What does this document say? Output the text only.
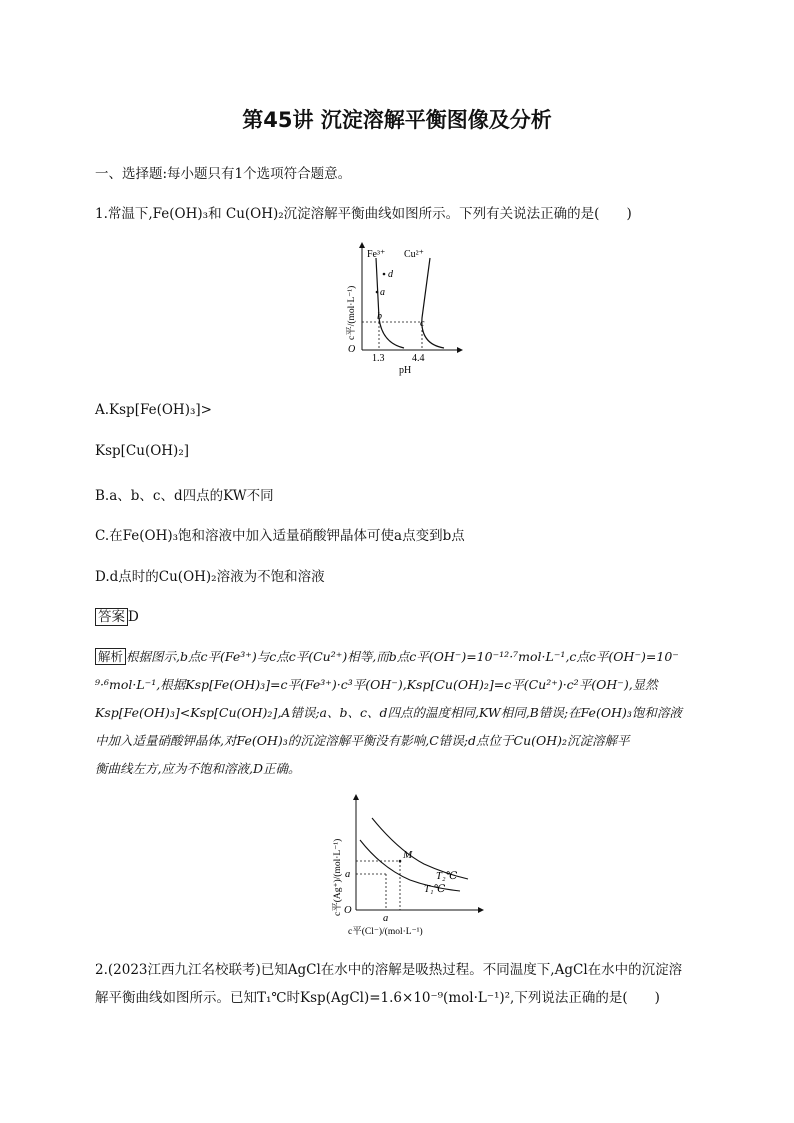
第45讲 沉淀溶解平衡图像及分析
一、选择题:每小题只有1个选项符合题意。
1.常温下,Fe(OH)₃和 Cu(OH)₂沉淀溶解平衡曲线如图所示。下列有关说法正确的是(　　)
Fe³⁺ Cu²⁺
d
a
b
c
O
1.3	4.4
pH
c平/(mol·L⁻¹)
A.Ksp[Fe(OH)₃]>
Ksp[Cu(OH)₂]
B.a、b、c、d四点的KW不同
C.在Fe(OH)₃饱和溶液中加入适量硝酸钾晶体可使a点变到b点
D.d点时的Cu(OH)₂溶液为不饱和溶液
答案 D
解析 根据图示,b点c平(Fe³⁺)与c点c平(Cu²⁺)相等,而b点c平(OH⁻)=10⁻¹²·⁷mol·L⁻¹,c点c平(OH⁻)=10⁻
⁹·⁶mol·L⁻¹,根据Ksp[Fe(OH)₃]=c平(Fe³⁺)·c³平(OH⁻),Ksp[Cu(OH)₂]=c平(Cu²⁺)·c²平(OH⁻),显然
Ksp[Fe(OH)₃]<Ksp[Cu(OH)₂],A错误;a、b、c、d四点的温度相同,KW相同,B错误;在Fe(OH)₃饱和溶液
中加入适量硝酸钾晶体,对Fe(OH)₃的沉淀溶解平衡没有影响,C错误;d点位于Cu(OH)₂沉淀溶解平
衡曲线左方,应为不饱和溶液,D正确。
M
T₂℃
T₁℃
a
a
O
c平(Cl⁻)/(mol·L⁻¹)
c平(Ag⁺)/(mol·L⁻¹)
2.(2023江西九江名校联考)已知AgCl在水中的溶解是吸热过程。不同温度下,AgCl在水中的沉淀溶
解平衡曲线如图所示。已知T₁℃时Ksp(AgCl)=1.6×10⁻⁹(mol·L⁻¹)²,下列说法正确的是(　　)
